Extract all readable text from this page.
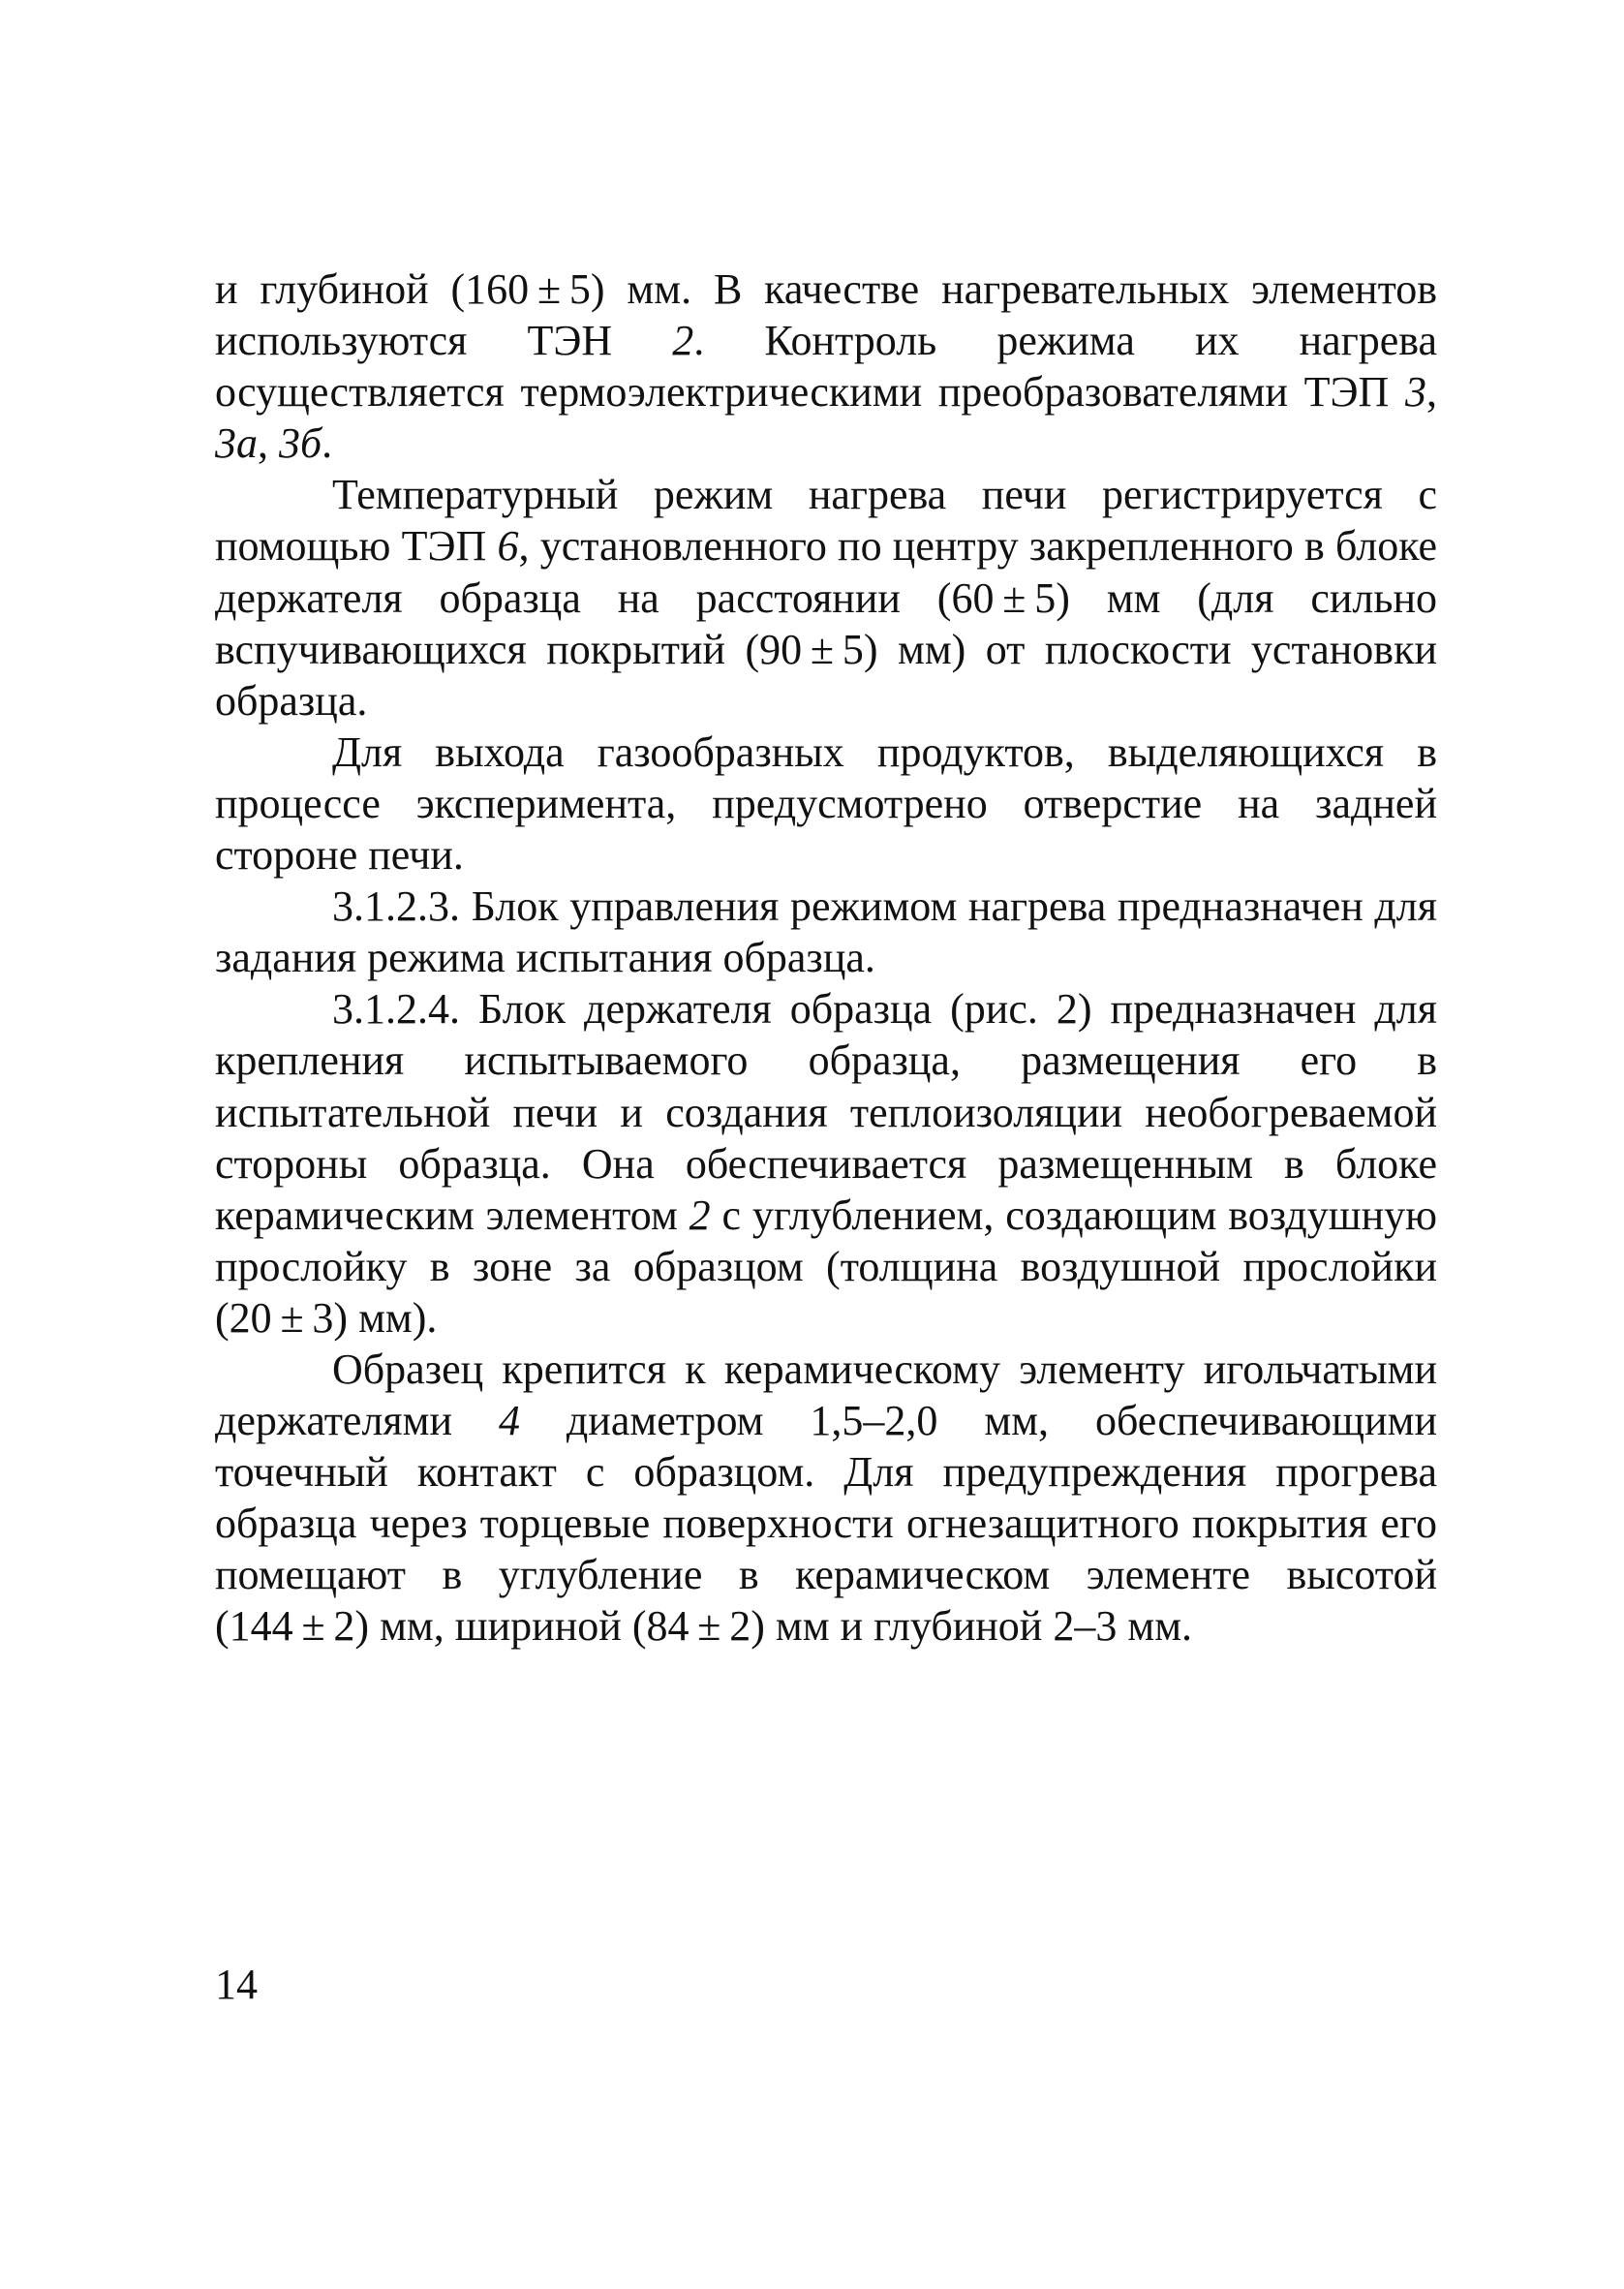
и глубиной (160 ± 5) мм. В качестве нагревательных элементов используются ТЭН 2. Контроль режима их нагрева осуществляется термоэлектрическими преобразователями ТЭП 3, 3а, 3б.

Температурный режим нагрева печи регистрируется с помощью ТЭП 6, установленного по центру закрепленного в блоке держателя образца на расстоянии (60 ± 5) мм (для сильно вспучивающихся покрытий (90 ± 5) мм) от плоскости установки образца.

Для выхода газообразных продуктов, выделяющихся в процессе эксперимента, предусмотрено отверстие на задней стороне печи.

3.1.2.3. Блок управления режимом нагрева предназначен для задания режима испытания образца.

3.1.2.4. Блок держателя образца (рис. 2) предназначен для крепления испытываемого образца, размещения его в испытательной печи и создания теплоизоляции необогреваемой стороны образца. Она обеспечивается размещенным в блоке керамическим элементом 2 с углублением, создающим воздушную прослойку в зоне за образцом (толщина воздушной прослойки (20 ± 3) мм).

Образец крепится к керамическому элементу игольчатыми держателями 4 диаметром 1,5–2,0 мм, обеспечивающими точечный контакт с образцом. Для предупреждения прогрева образца через торцевые поверхности огнезащитного покрытия его помещают в углубление в керамическом элементе высотой (144 ± 2) мм, шириной (84 ± 2) мм и глубиной 2–3 мм.

14
